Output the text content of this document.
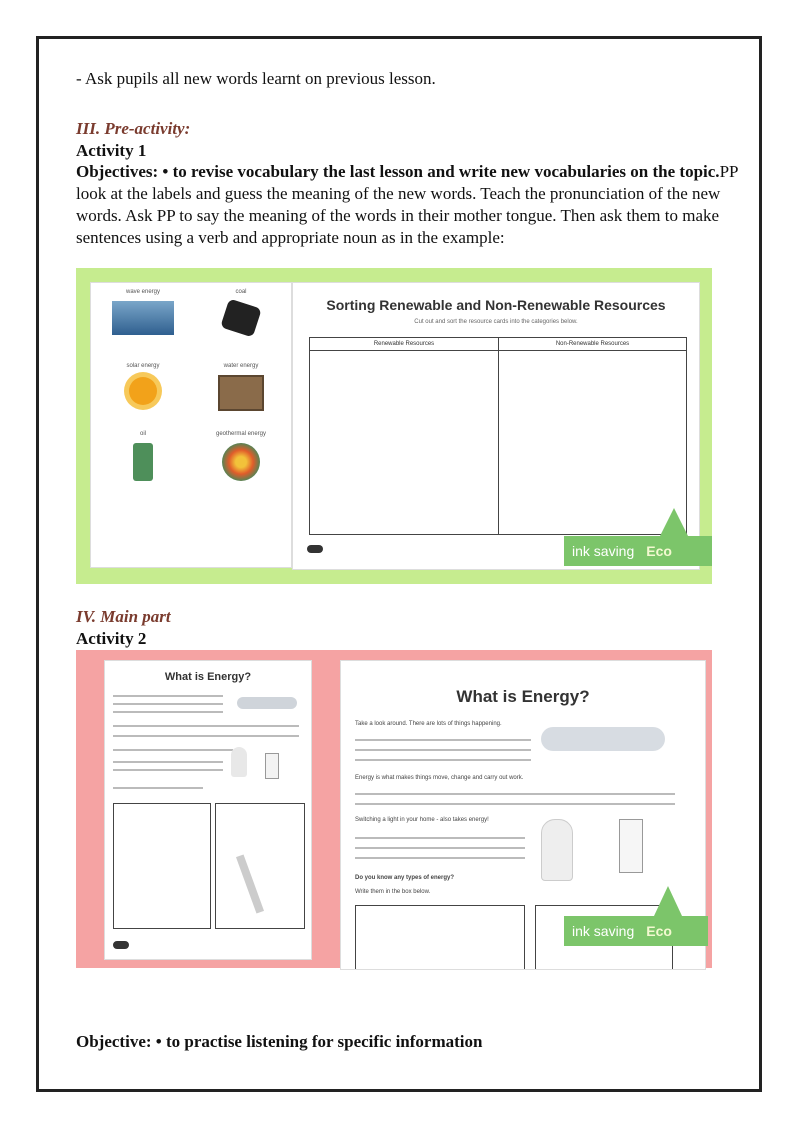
- Ask pupils all new words learnt on previous lesson.
III. Pre-activity:
Activity 1
Objectives: • to revise vocabulary the last lesson and write new vocabularies on the topic.PP look at the labels and guess the meaning of the new words. Teach the pronunciation of the new words. Ask PP to say the meaning of the words in their mother tongue. Then ask them to make sentences using a verb and appropriate noun as in the example:
wave energy	coal
solar energy	water energy
oil	geothermal energy
Sorting Renewable and Non-Renewable Resources
Cut out and sort the resource cards into the categories below.
Renewable Resources	Non-Renewable Resources
ink saving Eco
IV. Main part
Activity 2
What is Energy?
What is Energy?
Take a look around. There are lots of things happening.
Energy is what makes things move, change and carry out work.
Switching a light in your home - also takes energy!
Do you know any types of energy?
Write them in the box below.
ink saving Eco
Objective: • to practise listening for specific information
